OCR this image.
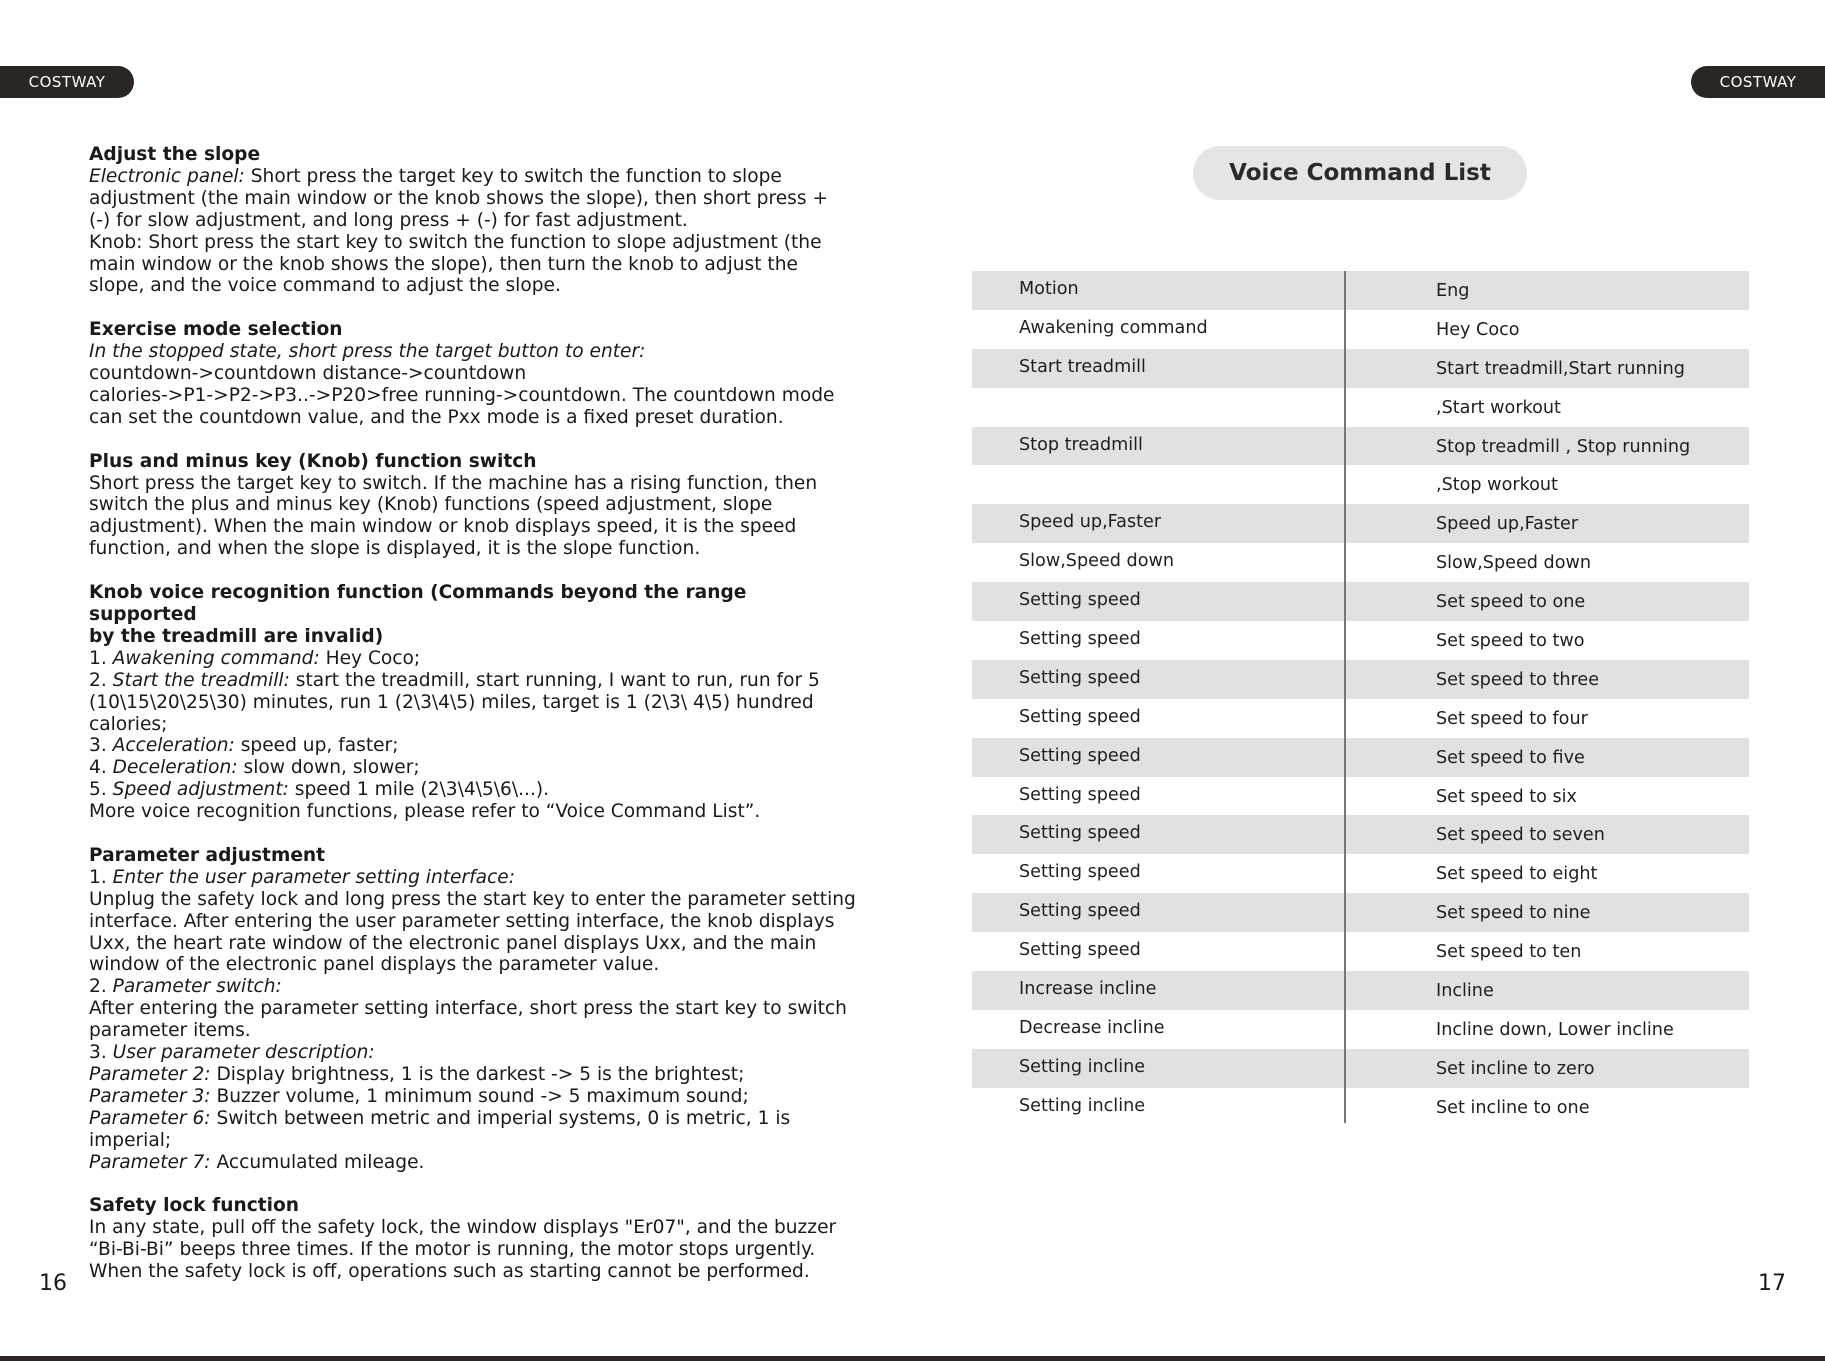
COSTWAY	COSTWAY

Adjust the slope

Electronic panel: Short press the target key to switch the function to slope

adjustment (the main window or the knob shows the slope), then short press +

(-) for slow adjustment, and long press + (-) for fast adjustment.

Knob: Short press the start key to switch the function to slope adjustment (the

main window or the knob shows the slope), then turn the knob to adjust the

slope, and the voice command to adjust the slope.

Exercise mode selection

In the stopped state, short press the target button to enter:

countdown->countdown distance->countdown

calories->P1->P2->P3..->P20>free running->countdown. The countdown mode

can set the countdown value, and the Pxx mode is a fixed preset duration.

Plus and minus key (Knob) function switch

Short press the target key to switch. If the machine has a rising function, then

switch the plus and minus key (Knob) functions (speed adjustment, slope

adjustment). When the main window or knob displays speed, it is the speed

function, and when the slope is displayed, it is the slope function.

Knob voice recognition function (Commands beyond the range supported

by the treadmill are invalid)

1. Awakening command: Hey Coco;

2. Start the treadmill: start the treadmill, start running, I want to run, run for 5

(10\15\20\25\30) minutes, run 1 (2\3\4\5) miles, target is 1 (2\3\ 4\5) hundred

calories;

3. Acceleration: speed up, faster;

4. Deceleration: slow down, slower;

5. Speed adjustment: speed 1 mile (2\3\4\5\6\...).

More voice recognition functions, please refer to “Voice Command List”.

Parameter adjustment

1. Enter the user parameter setting interface:

Unplug the safety lock and long press the start key to enter the parameter setting

interface. After entering the user parameter setting interface, the knob displays

Uxx, the heart rate window of the electronic panel displays Uxx, and the main

window of the electronic panel displays the parameter value.

2. Parameter switch:

After entering the parameter setting interface, short press the start key to switch

parameter items.

3. User parameter description:

Parameter 2: Display brightness, 1 is the darkest -> 5 is the brightest;

Parameter 3: Buzzer volume, 1 minimum sound -> 5 maximum sound;

Parameter 6: Switch between metric and imperial systems, 0 is metric, 1 is

imperial;

Parameter 7: Accumulated mileage.

Safety lock function

In any state, pull off the safety lock, the window displays "Er07", and the buzzer

“Bi-Bi-Bi” beeps three times. If the motor is running, the motor stops urgently.

When the safety lock is off, operations such as starting cannot be performed.

16	17
Voice Command List
Motion	Eng
Awakening command	Hey Coco
Start treadmill	Start treadmill,Start running
,Start workout
Stop treadmill	Stop treadmill , Stop running
,Stop workout
Speed up,Faster	Speed up,Faster
Slow,Speed down	Slow,Speed down
Setting speed	Set speed to one
Setting speed	Set speed to two
Setting speed	Set speed to three
Setting speed	Set speed to four
Setting speed	Set speed to five
Setting speed	Set speed to six
Setting speed	Set speed to seven
Setting speed	Set speed to eight
Setting speed	Set speed to nine
Setting speed	Set speed to ten
Increase incline	Incline
Decrease incline	Incline down, Lower incline
Setting incline	Set incline to zero
Setting incline	Set incline to one
